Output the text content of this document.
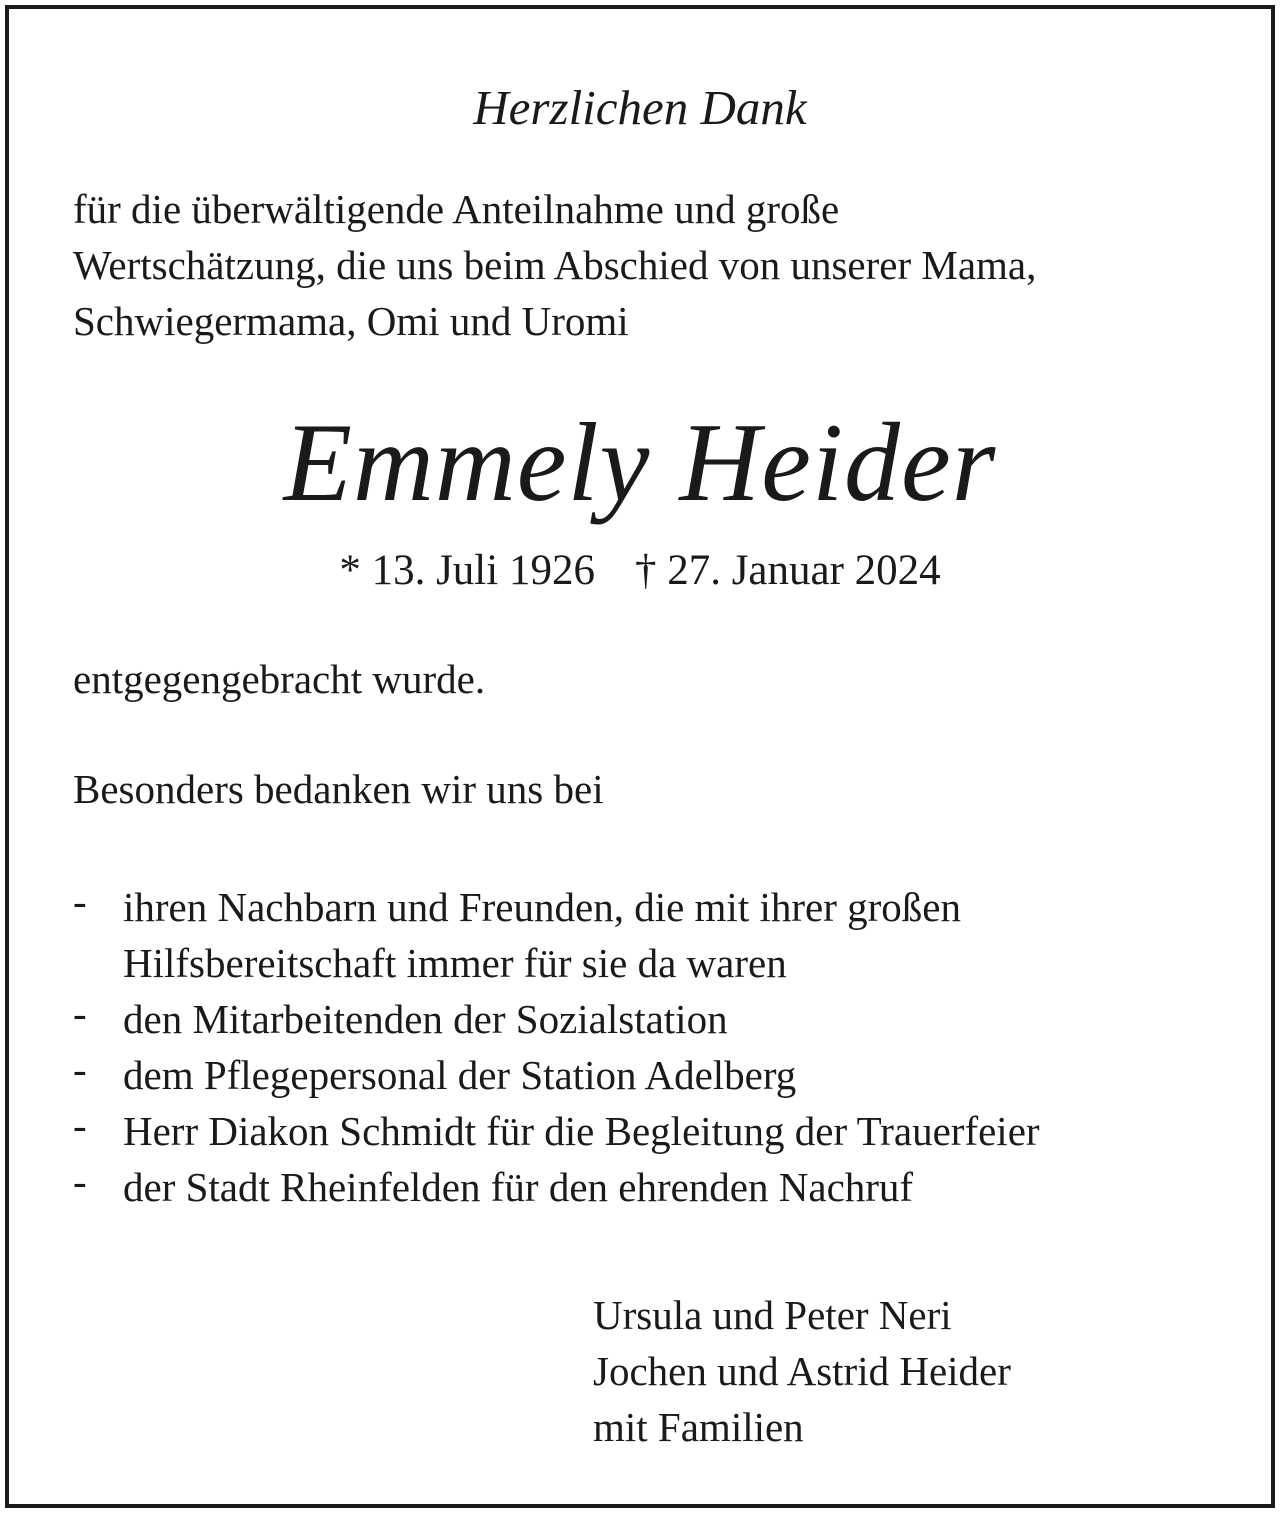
Herzlichen Dank
für die überwältigende Anteilnahme und große
Wertschätzung, die uns beim Abschied von unserer Mama,
Schwiegermama, Omi und Uromi
Emmely Heider
* 13. Juli 1926 † 27. Januar 2024
entgegengebracht wurde.
Besonders bedanken wir uns bei
- ihren Nachbarn und Freunden, die mit ihrer großen
Hilfsbereitschaft immer für sie da waren
- den Mitarbeitenden der Sozialstation
- dem Pflegepersonal der Station Adelberg
- Herr Diakon Schmidt für die Begleitung der Trauerfeier
- der Stadt Rheinfelden für den ehrenden Nachruf
Ursula und Peter Neri
Jochen und Astrid Heider
mit Familien
